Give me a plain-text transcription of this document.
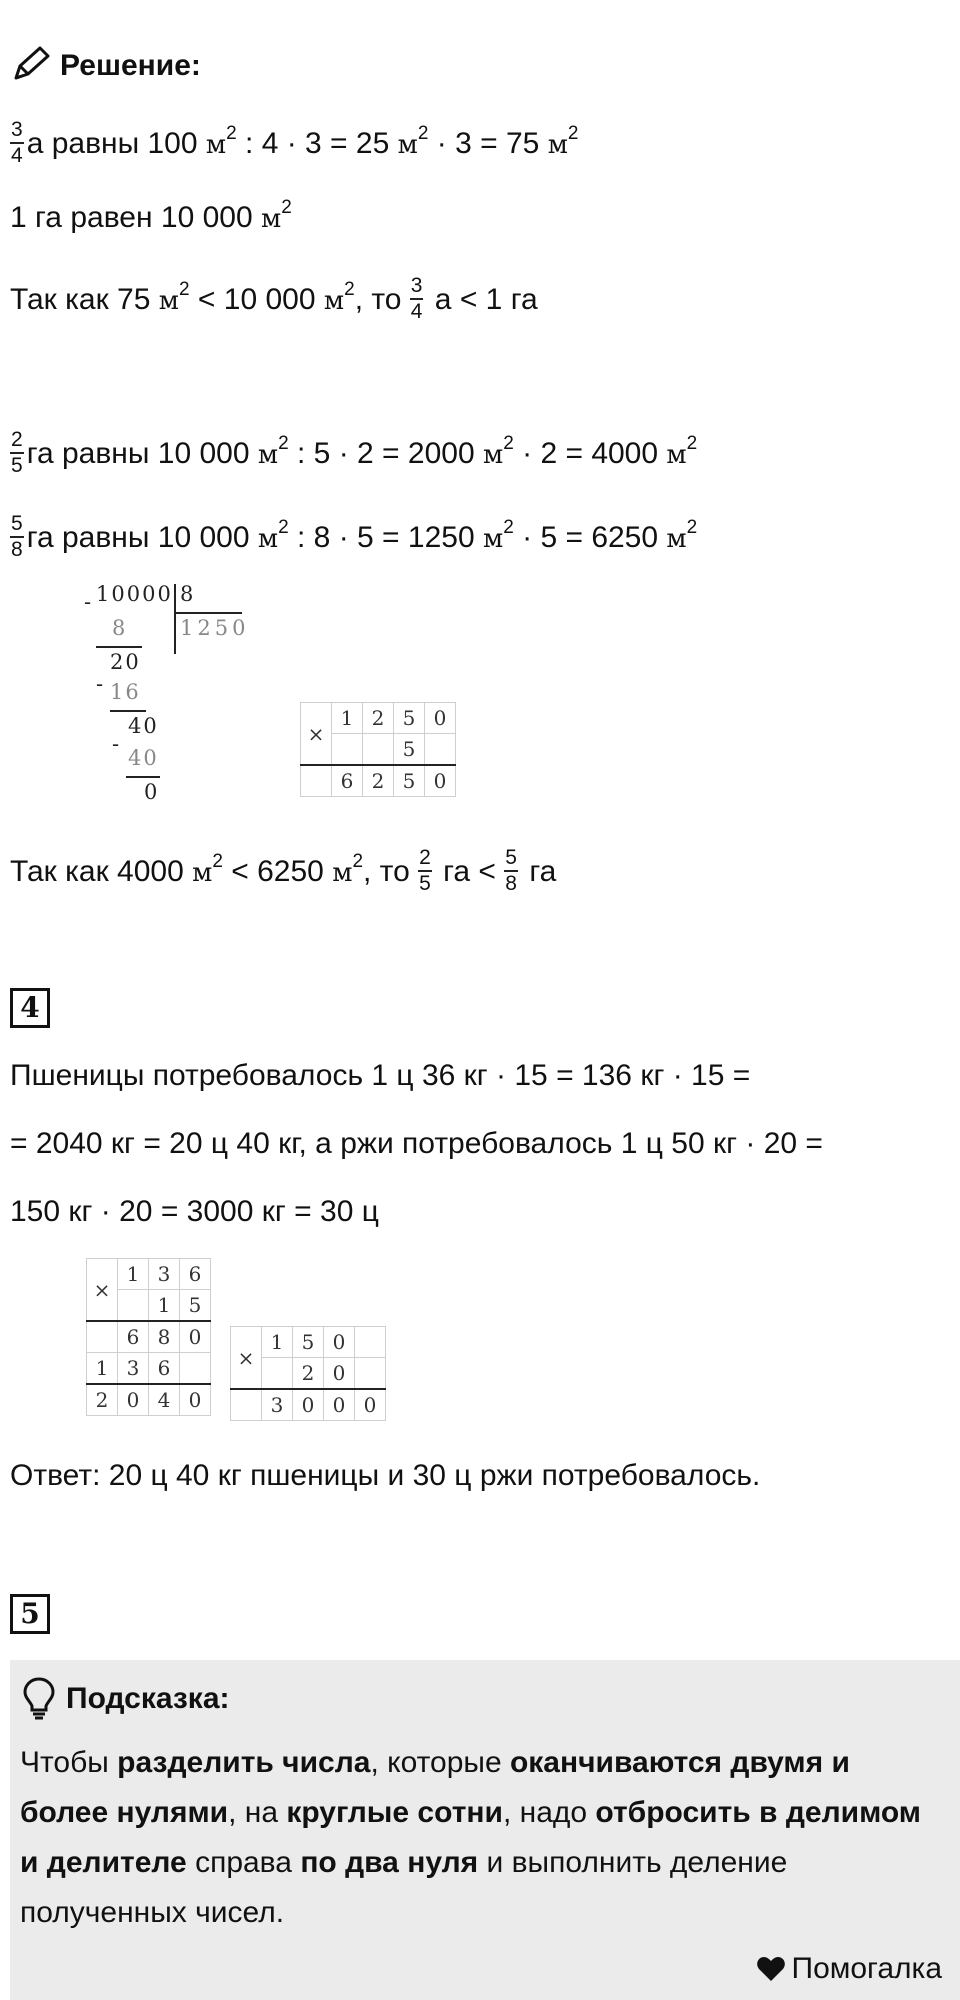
Решение:
$\frac{3}{4}$ а равны 100 $м^2$ : 4 · 3 = 25 $м^2 \cdot 3 = 75$ $м^2$
1 га равен 10 000 $м^2$
Так как 75 $м^2 < 10$ 000 $м^2$, то $\frac{3}{4}$ а < 1 га
$\frac{2}{5}$ га равны 10 000 $м^2$ : 5 · 2 = 2000 $м^2 \cdot 2 = 4000$ $м^2$
$\frac{5}{8}$ га равны 10 000 $м^2$ : 8 · 5 = 1250 $м^2 \cdot 5 = 6250$ $м^2$
- 10000 8
1250
8
20
- 16
40
-
40
0
×	1	2	5	0
			5	
	6	2	5	0
Так как 4000 $м^2 < 6250$ $м^2$, то $\frac{2}{5}$ га < $\frac{5}{8}$ га
4
Пшеницы потребовалось 1 ц 36 кг · 15 = 136 кг · 15 =
= 2040 кг = 20 ц 40 кг, а ржи потребовалось 1 ц 50 кг · 20 =
150 кг · 20 = 3000 кг = 30 ц
×	1	3	6
		1	5
	6	8	0
1	3	6	
2	0	4	0
×	1	5	0	
		2	0	
	3	0	0	0
Ответ: 20 ц 40 кг пшеницы и 30 ц ржи потребовалось.
5
Подсказка:
Чтобы разделить числа, которые оканчиваются двумя и более нулями, на круглые сотни, надо отбросить в делимом и делителе справа по два нуля и выполнить деление полученных чисел.
Помогалка
